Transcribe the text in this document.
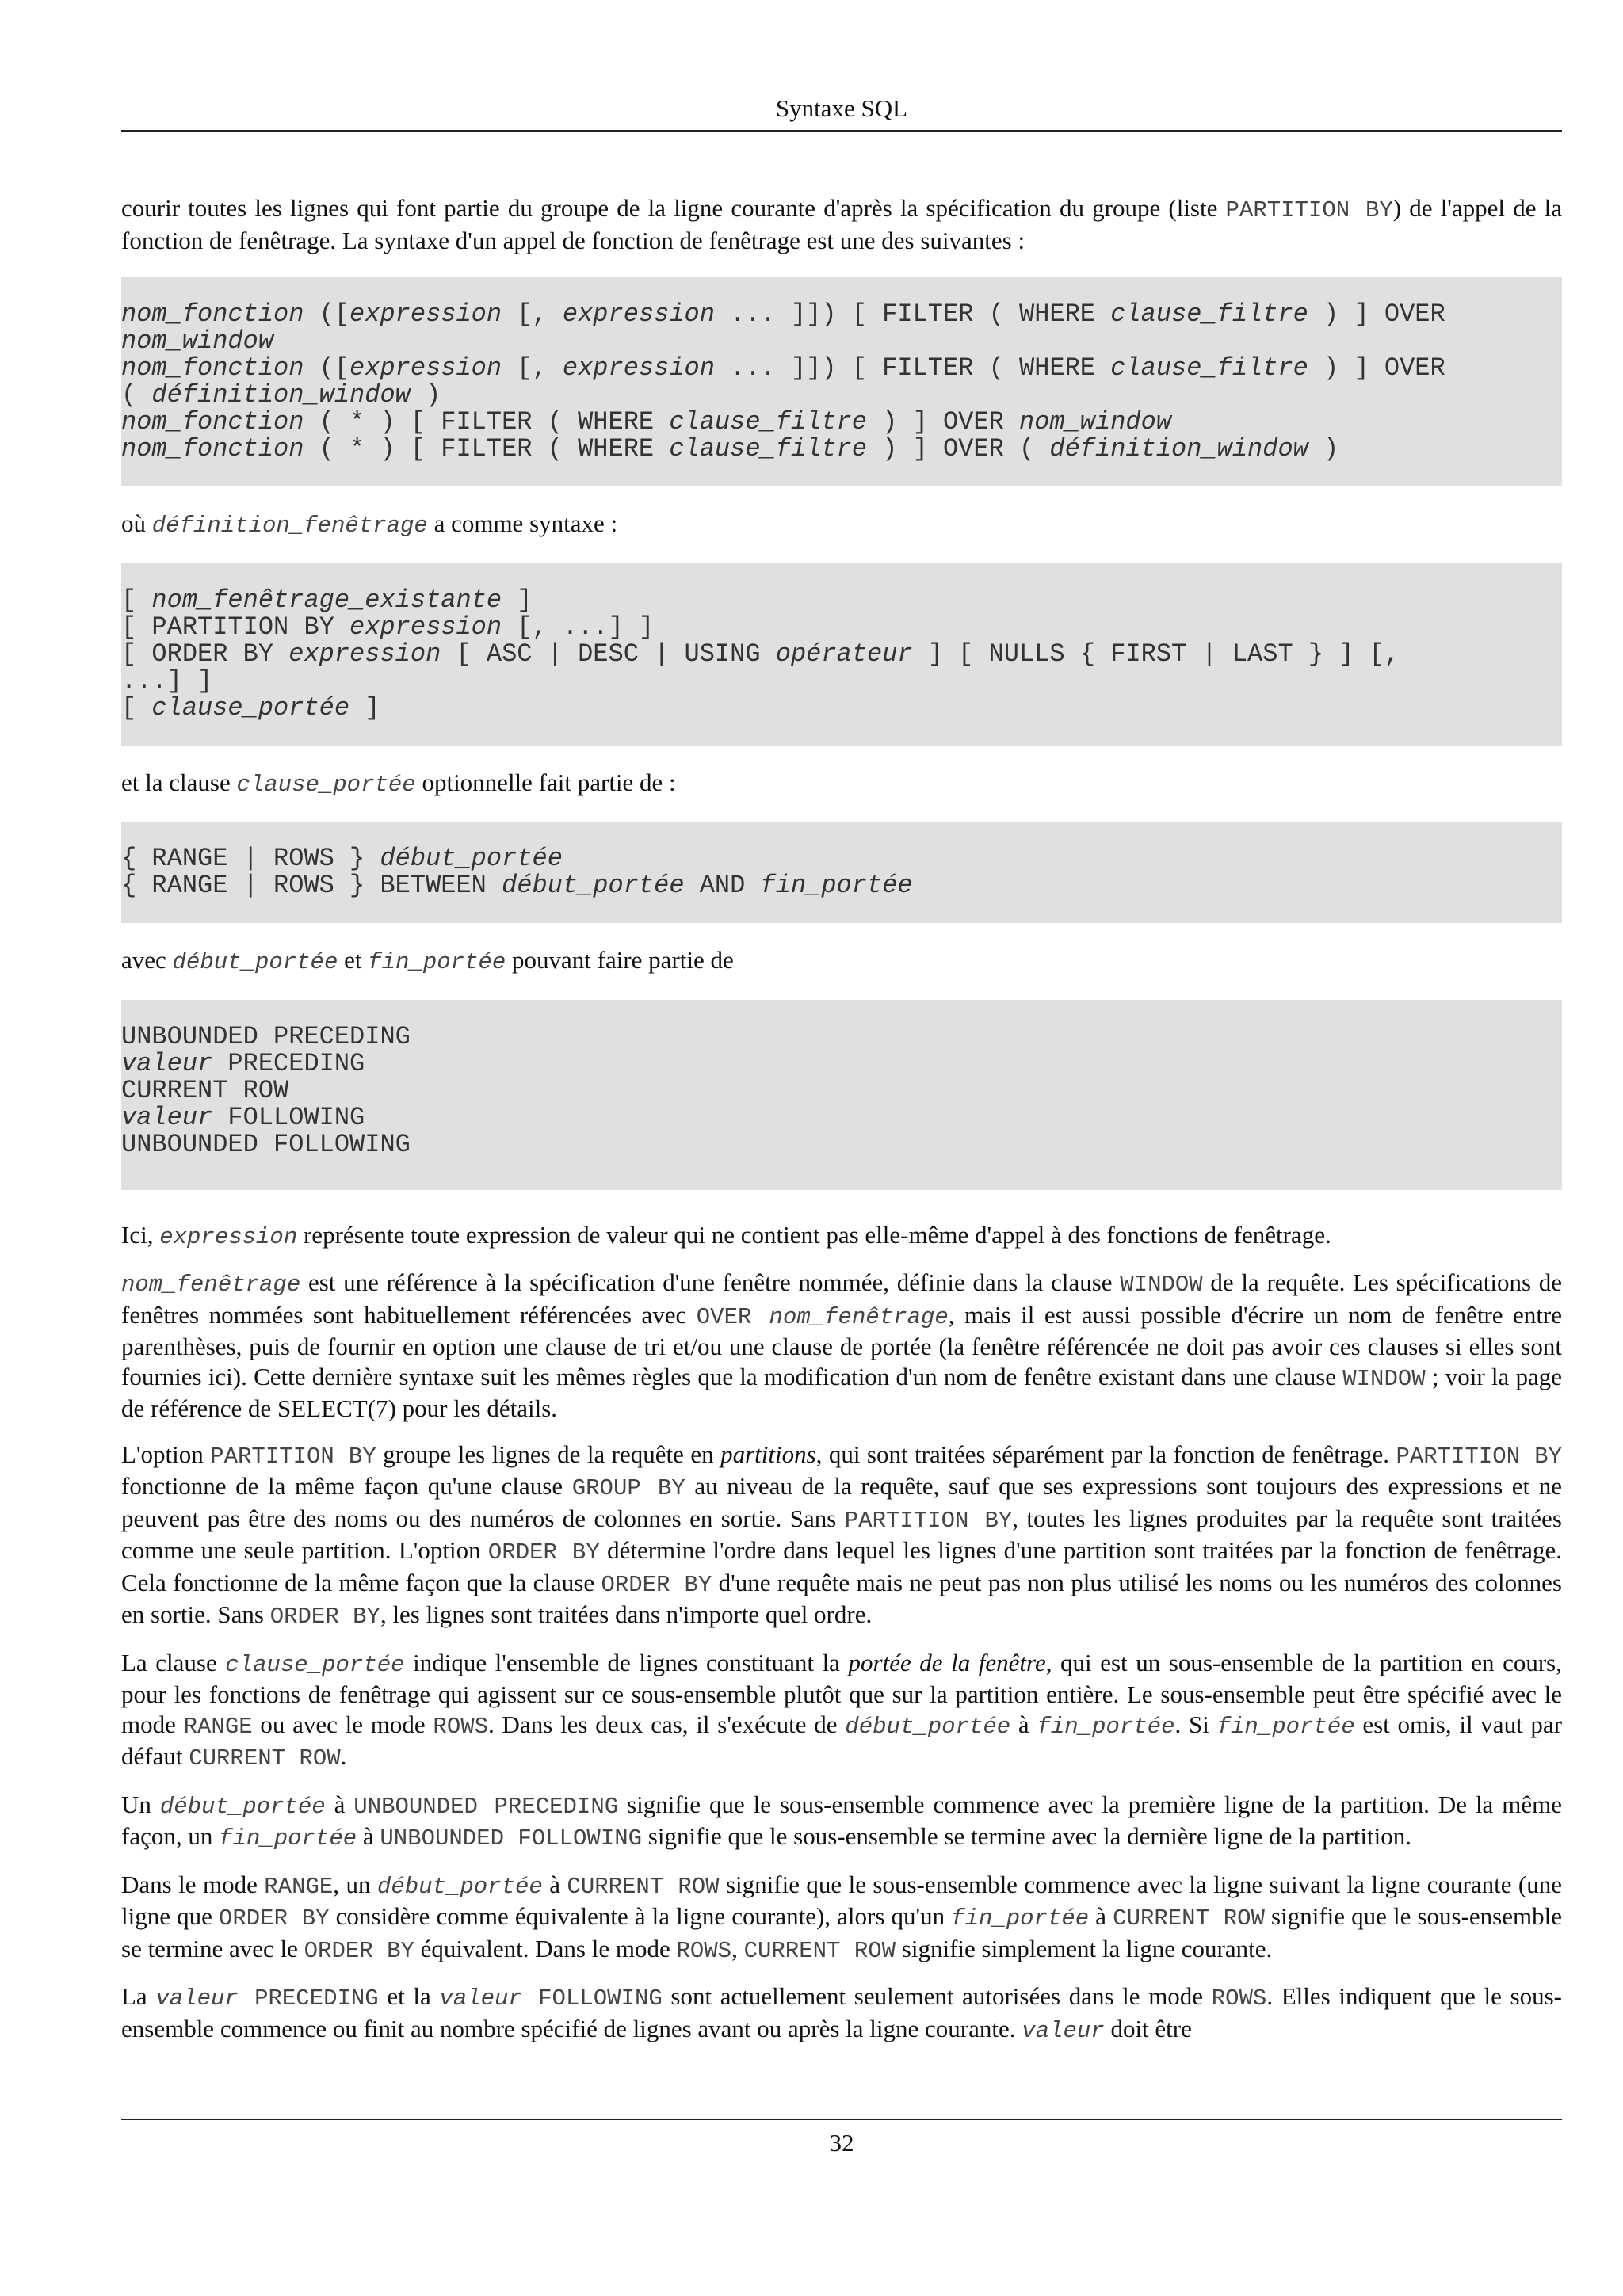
Syntaxe SQL

courir toutes les lignes qui font partie du groupe de la ligne courante d'après la spécification du groupe (liste PARTITION BY) de l'appel de la fonction de fenêtrage. La syntaxe d'un appel de fonction de fenêtrage est une des suivantes :

nom_fonction ([expression [, expression ... ]]) [ FILTER ( WHERE clause_filtre ) ] OVER
nom_window
nom_fonction ([expression [, expression ... ]]) [ FILTER ( WHERE clause_filtre ) ] OVER
( définition_window )
nom_fonction ( * ) [ FILTER ( WHERE clause_filtre ) ] OVER nom_window
nom_fonction ( * ) [ FILTER ( WHERE clause_filtre ) ] OVER ( définition_window )

où définition_fenêtrage a comme syntaxe :

[ nom_fenêtrage_existante ]
[ PARTITION BY expression [, ...] ]
[ ORDER BY expression [ ASC | DESC | USING opérateur ] [ NULLS { FIRST | LAST } ] [,
...] ]
[ clause_portée ]

et la clause clause_portée optionnelle fait partie de :

{ RANGE | ROWS } début_portée
{ RANGE | ROWS } BETWEEN début_portée AND fin_portée

avec début_portée et fin_portée pouvant faire partie de

UNBOUNDED PRECEDING
valeur PRECEDING
CURRENT ROW
valeur FOLLOWING
UNBOUNDED FOLLOWING

Ici, expression représente toute expression de valeur qui ne contient pas elle-même d'appel à des fonctions de fenêtrage.

nom_fenêtrage est une référence à la spécification d'une fenêtre nommée, définie dans la clause WINDOW de la requête. Les spécifications de fenêtres nommées sont habituellement référencées avec OVER nom_fenêtrage, mais il est aussi possible d'écrire un nom de fenêtre entre parenthèses, puis de fournir en option une clause de tri et/ou une clause de portée (la fenêtre référencée ne doit pas avoir ces clauses si elles sont fournies ici). Cette dernière syntaxe suit les mêmes règles que la modification d'un nom de fenêtre existant dans une clause WINDOW ; voir la page de référence de SELECT(7) pour les détails.

L'option PARTITION BY groupe les lignes de la requête en partitions, qui sont traitées séparément par la fonction de fenêtrage. PARTITION BY fonctionne de la même façon qu'une clause GROUP BY au niveau de la requête, sauf que ses expressions sont toujours des expressions et ne peuvent pas être des noms ou des numéros de colonnes en sortie. Sans PARTITION BY, toutes les lignes produites par la requête sont traitées comme une seule partition. L'option ORDER BY détermine l'ordre dans lequel les lignes d'une partition sont traitées par la fonction de fenêtrage. Cela fonctionne de la même façon que la clause ORDER BY d'une requête mais ne peut pas non plus utilisé les noms ou les numéros des colonnes en sortie. Sans ORDER BY, les lignes sont traitées dans n'importe quel ordre.

La clause clause_portée indique l'ensemble de lignes constituant la portée de la fenêtre, qui est un sous-ensemble de la partition en cours, pour les fonctions de fenêtrage qui agissent sur ce sous-ensemble plutôt que sur la partition entière. Le sous-ensemble peut être spécifié avec le mode RANGE ou avec le mode ROWS. Dans les deux cas, il s'exécute de début_portée à fin_portée. Si fin_portée est omis, il vaut par défaut CURRENT ROW.

Un début_portée à UNBOUNDED PRECEDING signifie que le sous-ensemble commence avec la première ligne de la partition. De la même façon, un fin_portée à UNBOUNDED FOLLOWING signifie que le sous-ensemble se termine avec la dernière ligne de la partition.

Dans le mode RANGE, un début_portée à CURRENT ROW signifie que le sous-ensemble commence avec la ligne suivant la ligne courante (une ligne que ORDER BY considère comme équivalente à la ligne courante), alors qu'un fin_portée à CURRENT ROW signifie que le sous-ensemble se termine avec le ORDER BY équivalent. Dans le mode ROWS, CURRENT ROW signifie simplement la ligne courante.

La valeur PRECEDING et la valeur FOLLOWING sont actuellement seulement autorisées dans le mode ROWS. Elles indiquent que le sous-ensemble commence ou finit au nombre spécifié de lignes avant ou après la ligne courante. valeur doit être

32
